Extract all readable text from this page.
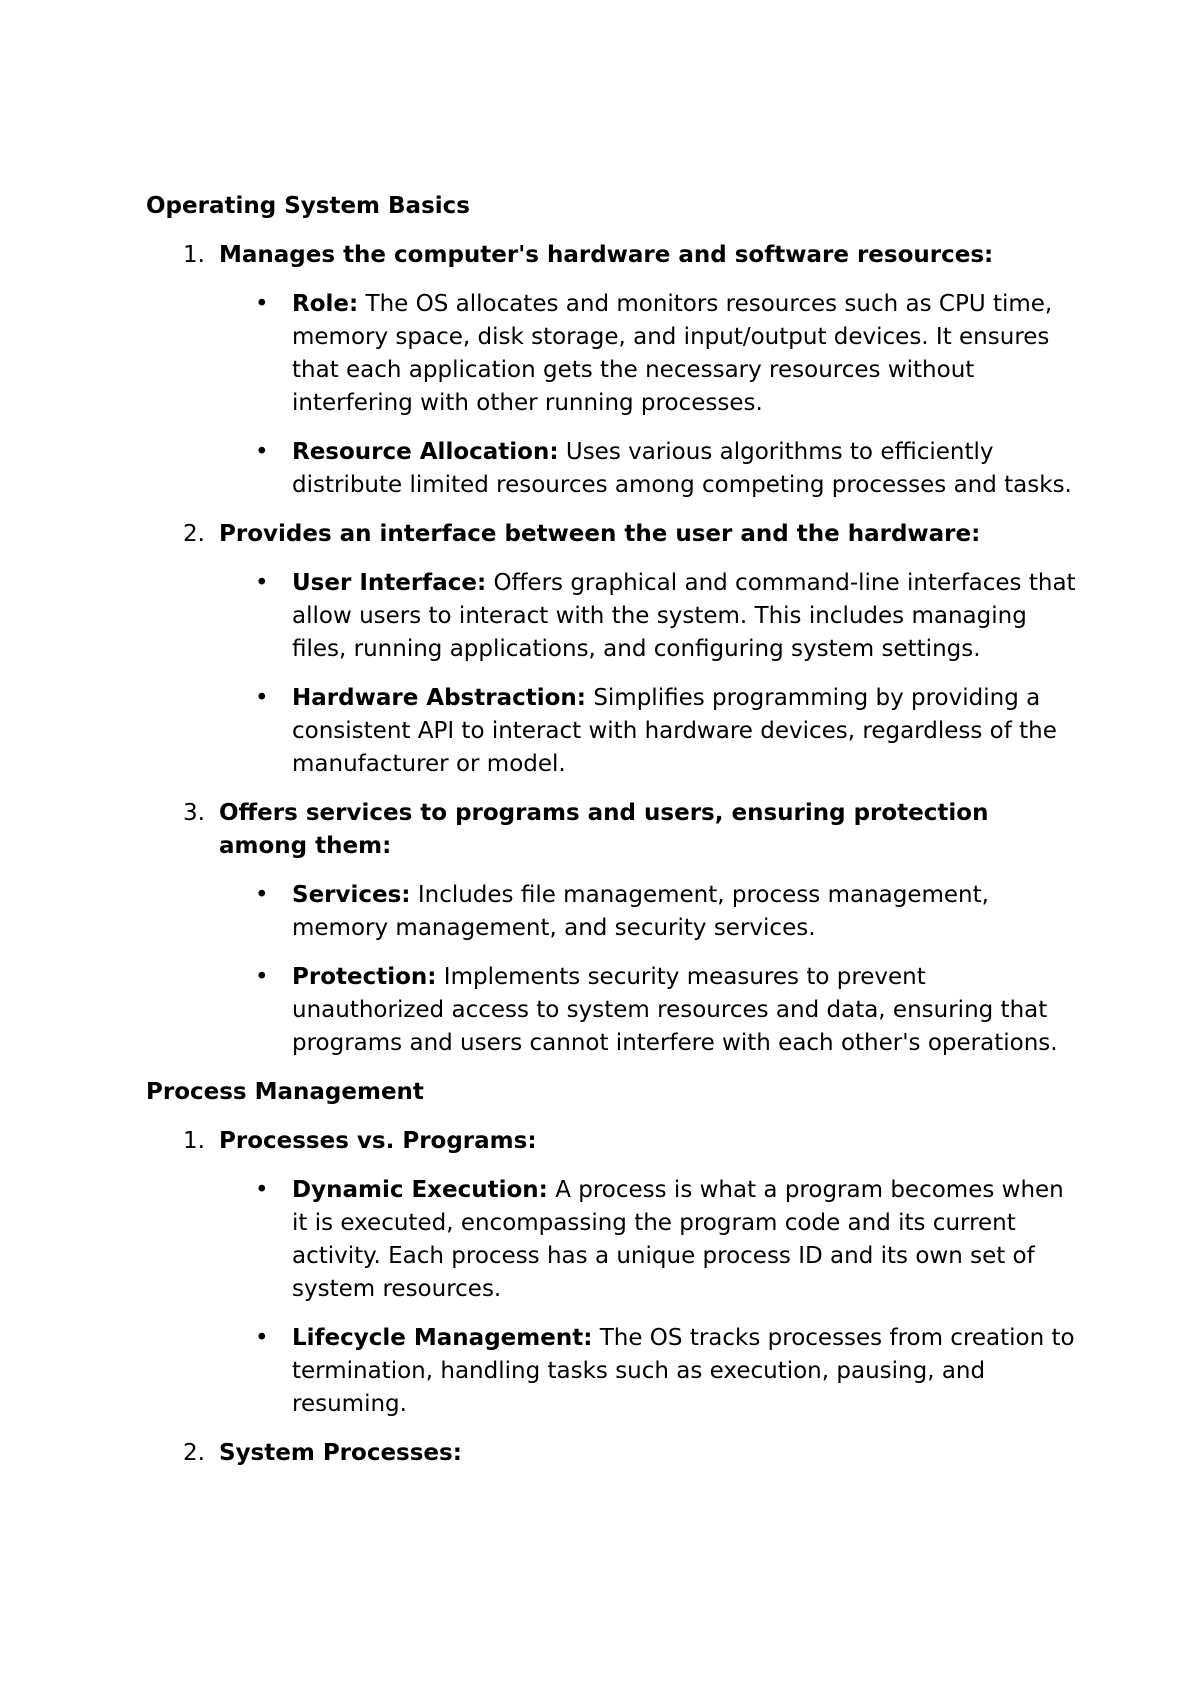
Operating System Basics
1. Manages the computer's hardware and software resources:
• Role: The OS allocates and monitors resources such as CPU time, memory space, disk storage, and input/output devices. It ensures that each application gets the necessary resources without interfering with other running processes.
• Resource Allocation: Uses various algorithms to efficiently distribute limited resources among competing processes and tasks.
2. Provides an interface between the user and the hardware:
• User Interface: Offers graphical and command-line interfaces that allow users to interact with the system. This includes managing files, running applications, and configuring system settings.
• Hardware Abstraction: Simplifies programming by providing a consistent API to interact with hardware devices, regardless of the manufacturer or model.
3. Offers services to programs and users, ensuring protection among them:
• Services: Includes file management, process management, memory management, and security services.
• Protection: Implements security measures to prevent unauthorized access to system resources and data, ensuring that programs and users cannot interfere with each other's operations.
Process Management
1. Processes vs. Programs:
• Dynamic Execution: A process is what a program becomes when it is executed, encompassing the program code and its current activity. Each process has a unique process ID and its own set of system resources.
• Lifecycle Management: The OS tracks processes from creation to termination, handling tasks such as execution, pausing, and resuming.
2. System Processes:
